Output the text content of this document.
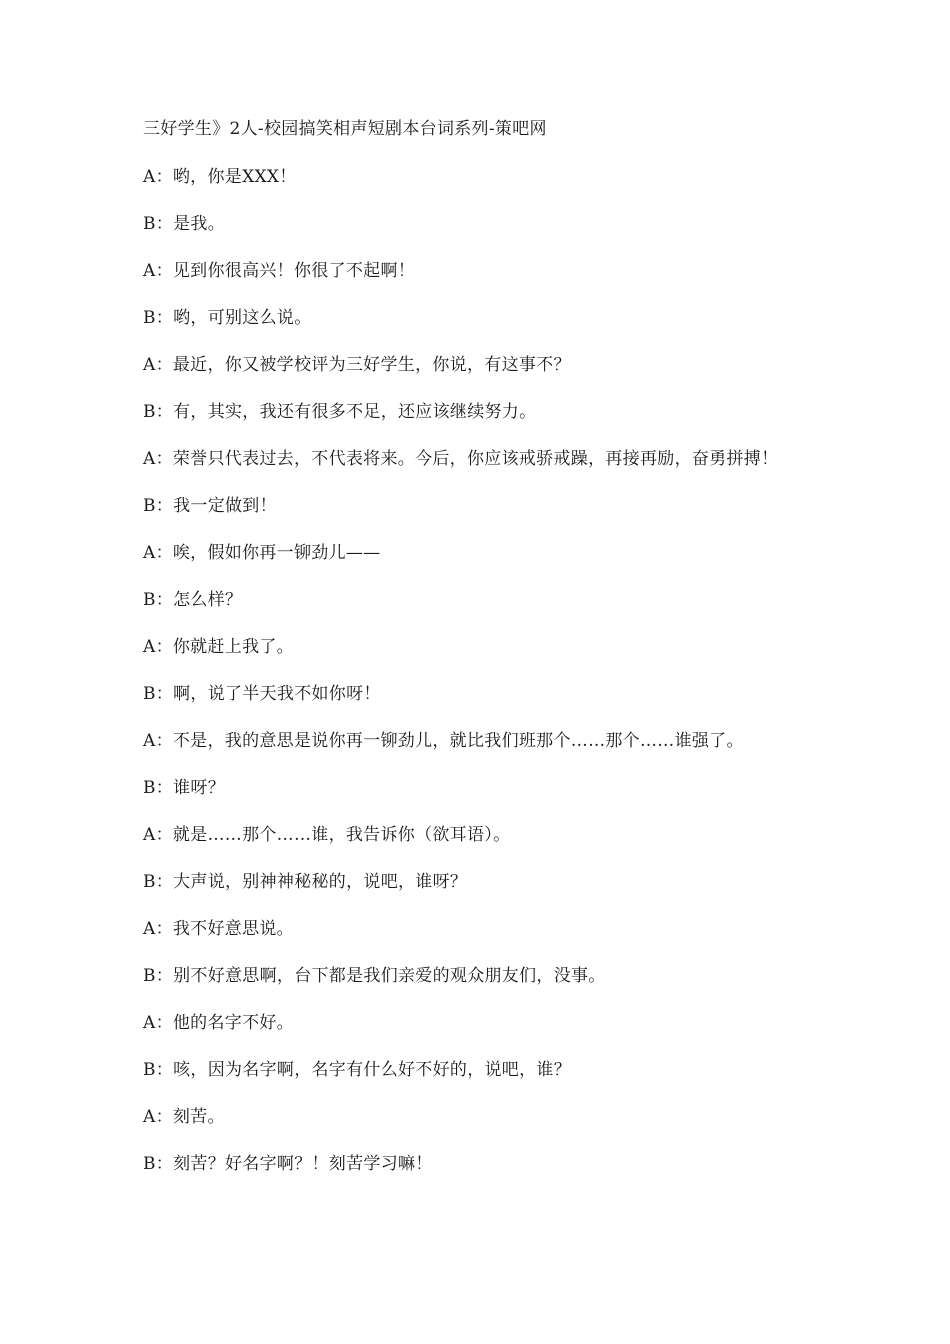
三好学生》2人-校园搞笑相声短剧本台词系列-策吧网

A：哟，你是XXX！

B：是我。

A：见到你很高兴！你很了不起啊！

B：哟，可别这么说。

A：最近，你又被学校评为三好学生，你说，有这事不？

B：有，其实，我还有很多不足，还应该继续努力。

A：荣誉只代表过去，不代表将来。今后，你应该戒骄戒躁，再接再励，奋勇拼搏！

B：我一定做到！

A：唉，假如你再一铆劲儿——

B：怎么样？

A：你就赶上我了。

B：啊，说了半天我不如你呀！

A：不是，我的意思是说你再一铆劲儿，就比我们班那个……那个……谁强了。

B：谁呀？

A：就是……那个……谁，我告诉你（欲耳语）。

B：大声说，别神神秘秘的，说吧，谁呀？

A：我不好意思说。

B：别不好意思啊，台下都是我们亲爱的观众朋友们，没事。

A：他的名字不好。

B：咳，因为名字啊，名字有什么好不好的，说吧，谁？

A：刻苦。

B：刻苦？好名字啊？！刻苦学习嘛！
